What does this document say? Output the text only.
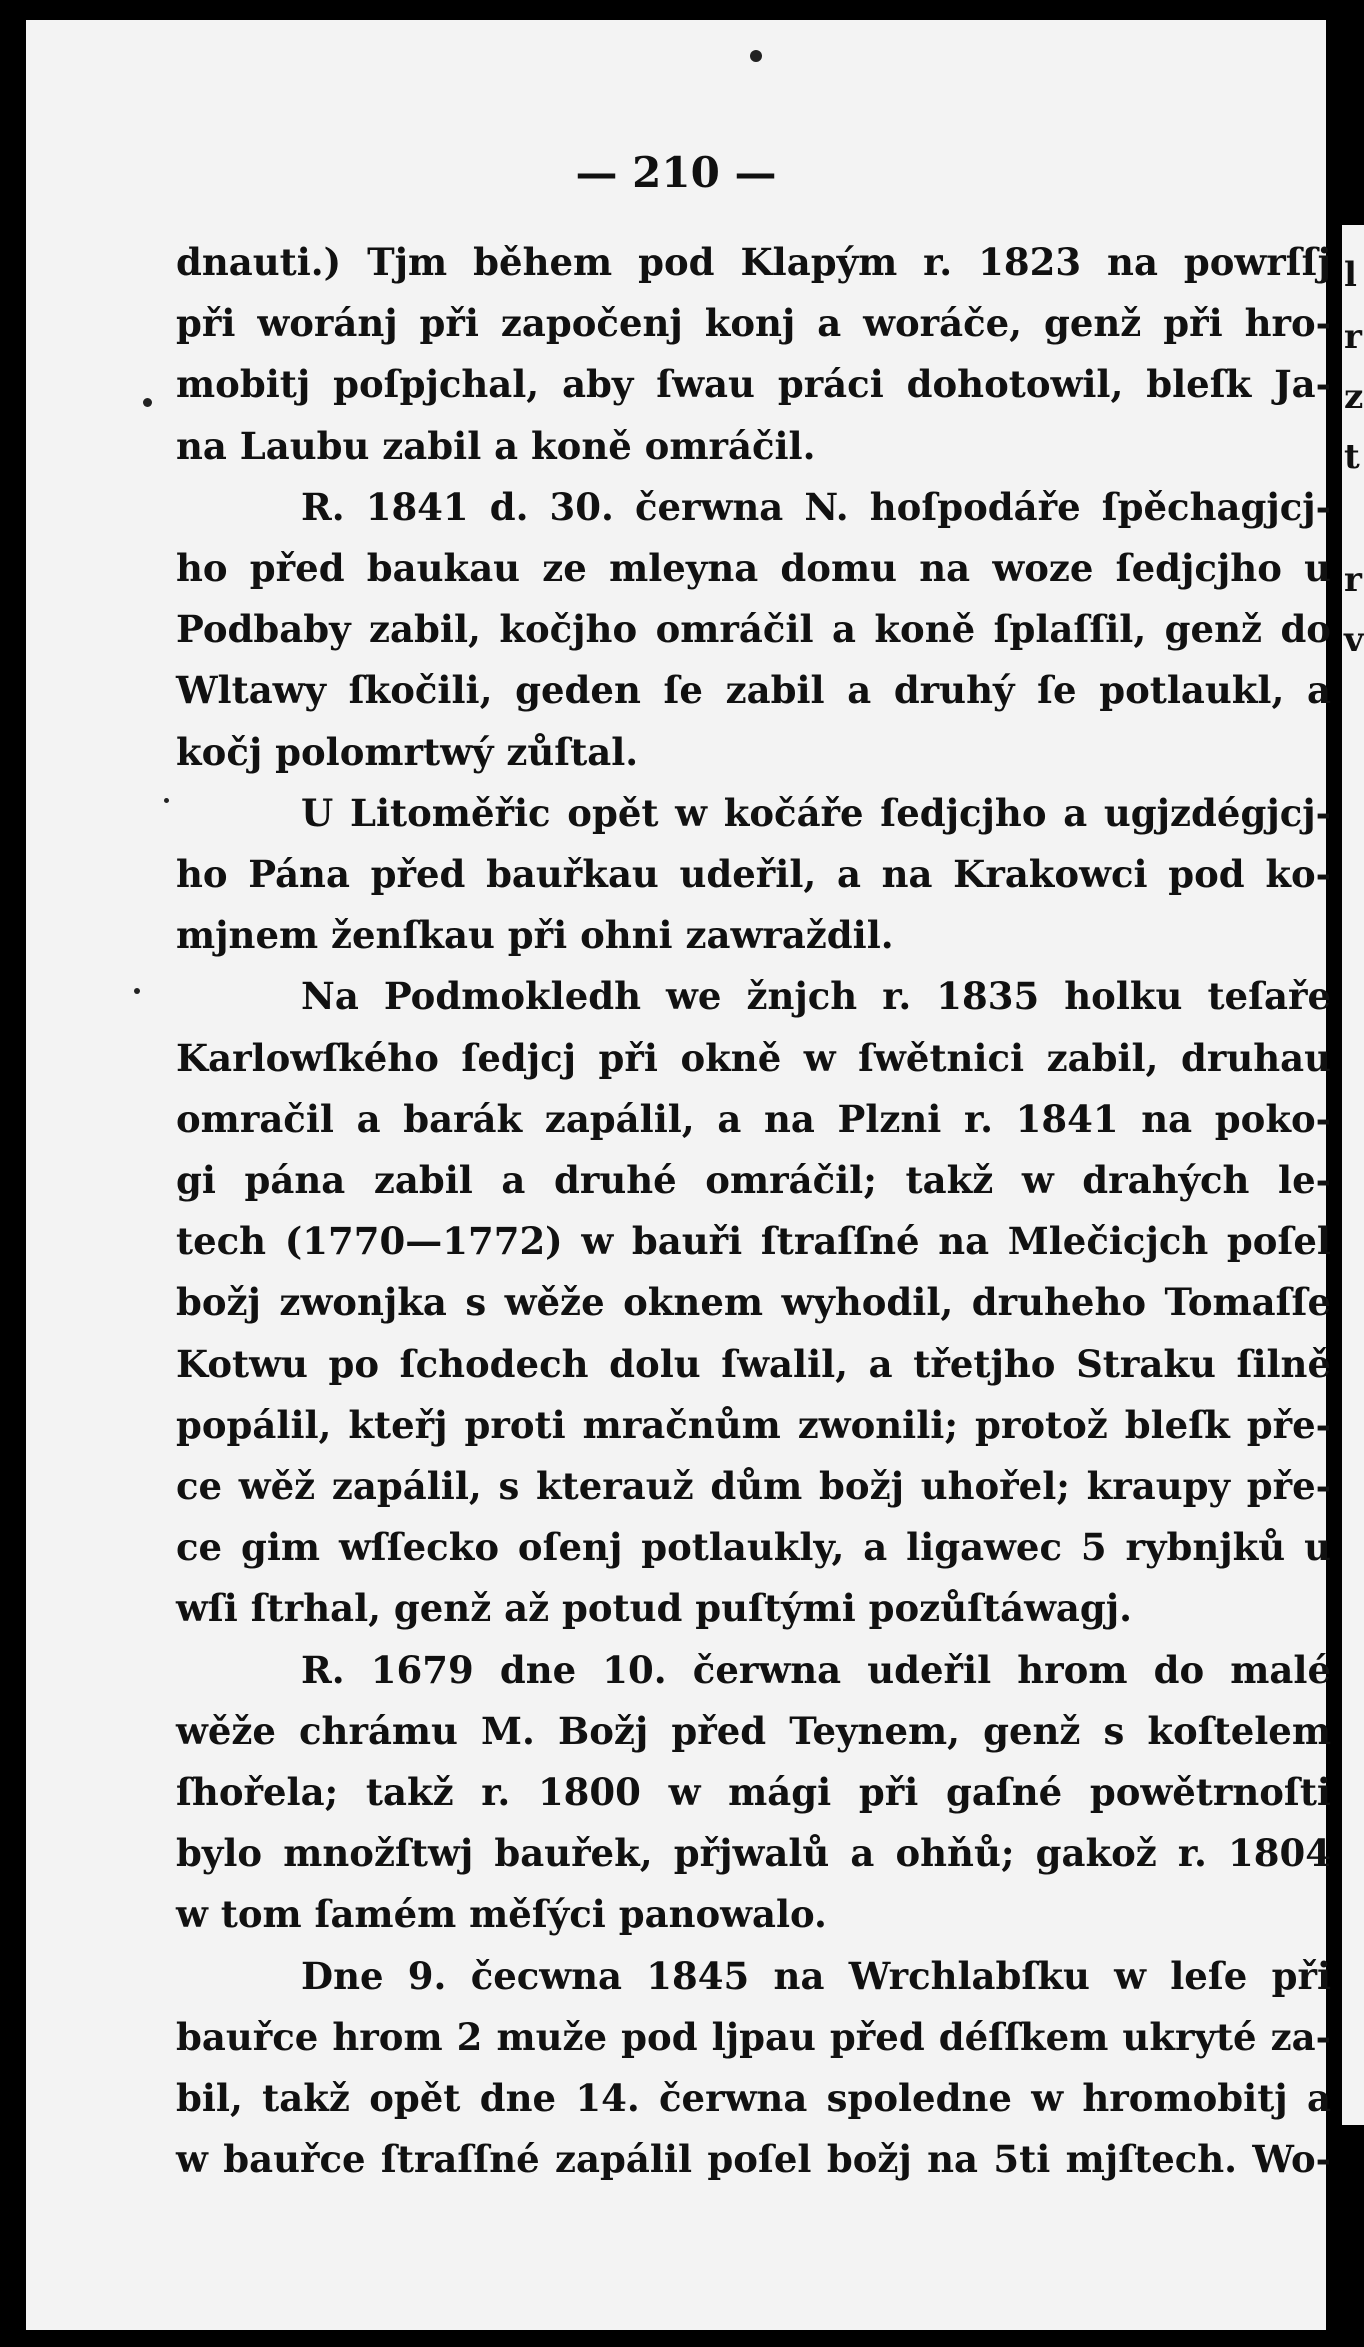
— 210 —
dnauti.) Tjm během pod Klapým r. 1823 na powrſſj
při woránj při započenj konj a woráče, genž při hro-
mobitj poſpjchal, aby ſwau práci dohotowil, bleſk Ja-
na Laubu zabil a koně omráčil.
R. 1841 d. 30. čerwna N. hoſpodáře ſpěchagjcj-
ho před baukau ze mleyna domu na woze ſedjcjho u
Podbaby zabil, kočjho omráčil a koně ſplaſſil, genž do
Wltawy ſkočili, geden ſe zabil a druhý ſe potlaukl, a
kočj polomrtwý zůſtal.
U Litoměřic opět w kočáře ſedjcjho a ugjzdégjcj-
ho Pána před bauřkau udeřil, a na Krakowci pod ko-
mjnem ženſkau při ohni zawraždil.
Na Podmokledh we žnjch r. 1835 holku teſaře
Karlowſkého ſedjcj při okně w ſwětnici zabil, druhau
omračil a barák zapálil, a na Plzni r. 1841 na poko-
gi pána zabil a druhé omráčil; takž w drahých le-
tech (1770—1772) w bauři ſtraſſné na Mlečicjch poſel
božj zwonjka s wěže oknem wyhodil, druheho Tomaſſe
Kotwu po ſchodech dolu ſwalil, a třetjho Straku ſilně
popálil, kteřj proti mračnům zwonili; protož bleſk pře-
ce wěž zapálil, s kterauž dům božj uhořel; kraupy pře-
ce gim wſſecko oſenj potlaukly, a ligawec 5 rybnjků u
wſi ſtrhal, genž až potud puſtými pozůſtáwagj.
R. 1679 dne 10. čerwna udeřil hrom do malé
wěže chrámu M. Božj před Teynem, genž s koſtelem
ſhořela; takž r. 1800 w mági při gaſné powětrnoſti
bylo množſtwj bauřek, přjwalů a ohňů; gakož r. 1804
w tom ſamém měſýci panowalo.
Dne 9. čecwna 1845 na Wrchlabſku w leſe při
bauřce hrom 2 muže pod ljpau před déſſkem ukryté za-
bil, takž opět dne 14. čerwna spoledne w hromobitj a
w bauřce ſtraſſné zapálil poſel božj na 5ti mjſtech. Wo-
l
r
z
t
r
v
